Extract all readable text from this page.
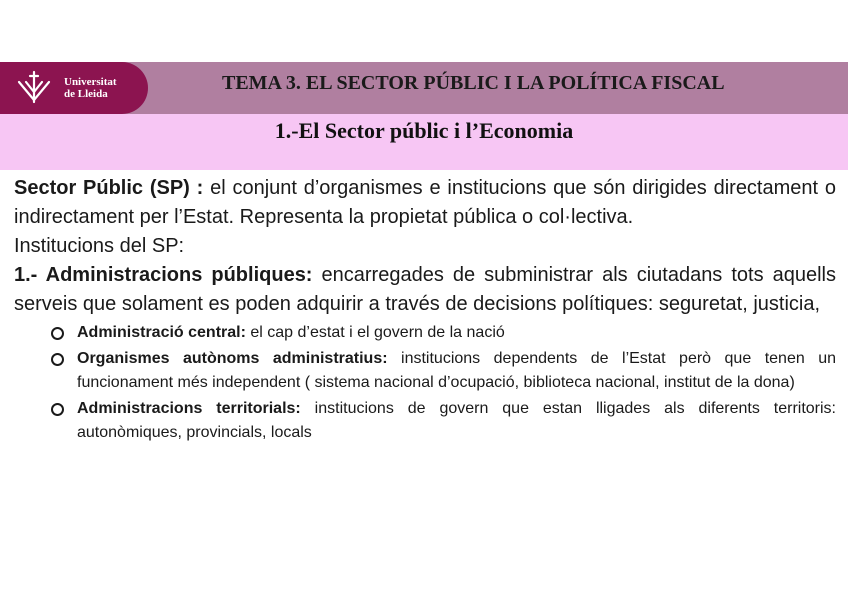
Universitat
de Lleida	TEMA 3. EL SECTOR PÚBLIC I LA POLÍTICA FISCAL
1.-El Sector públic i l’Economia

Sector Públic (SP) : el conjunt d’organismes e institucions que són dirigides directament o indirectament per l’Estat. Representa la propietat pública o col·lectiva.

Institucions del SP:

1.- Administracions públiques: encarregades de subministrar als ciutadans tots aquells serveis que solament es poden adquirir a través de decisions polítiques: seguretat, justicia,

Administració central: el cap d’estat i el govern de la nació
Organismes autònoms administratius: institucions dependents de l’Estat però que tenen un funcionament més independent ( sistema nacional d’ocupació, biblioteca nacional, institut de la dona)
Administracions territorials: institucions de govern que estan lligades als diferents territoris: autonòmiques, provincials, locals
